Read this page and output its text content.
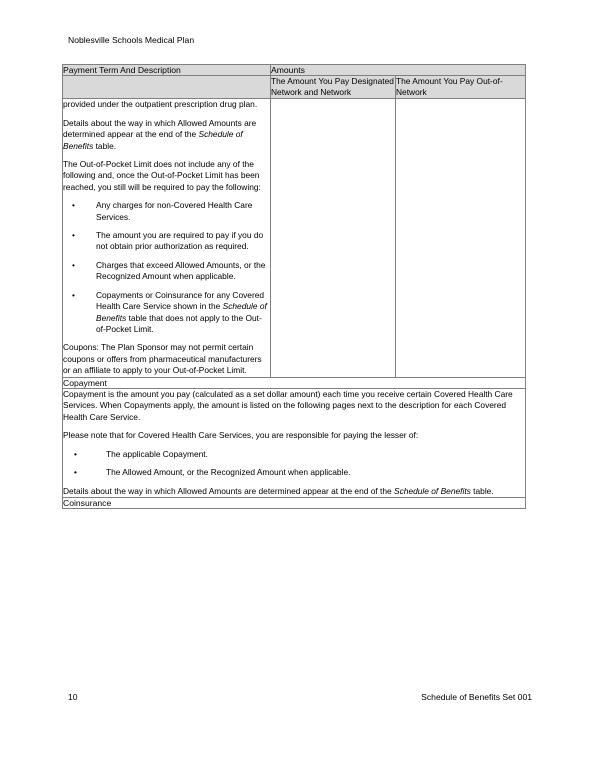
Noblesville Schools Medical Plan
Payment Term And Description	Amounts	
	The Amount You Pay Designated Network and Network	The Amount You Pay Out-of-Network

provided under the outpatient prescription drug plan.

Details about the way in which Allowed Amounts are determined appear at the end of the Schedule of Benefits table.

The Out-of-Pocket Limit does not include any of the following and, once the Out-of-Pocket Limit has been reached, you still will be required to pay the following:

•	Any charges for non-Covered Health Care Services.
•	The amount you are required to pay if you do not obtain prior authorization as required.
•	Charges that exceed Allowed Amounts, or the Recognized Amount when applicable.
•	Copayments or Coinsurance for any Covered Health Care Service shown in the Schedule of Benefits table that does not apply to the Out-of-Pocket Limit.

Coupons: The Plan Sponsor may not permit certain coupons or offers from pharmaceutical manufacturers or an affiliate to apply to your Out-of-Pocket Limit.

Copayment		

Copayment is the amount you pay (calculated as a set dollar amount) each time you receive certain Covered Health Care Services. When Copayments apply, the amount is listed on the following pages next to the description for each Covered Health Care Service.

Please note that for Covered Health Care Services, you are responsible for paying the lesser of:

•	The applicable Copayment.
•	The Allowed Amount, or the Recognized Amount when applicable.

Details about the way in which Allowed Amounts are determined appear at the end of the Schedule of Benefits table.

Coinsurance		
10	Schedule of Benefits Set 001
